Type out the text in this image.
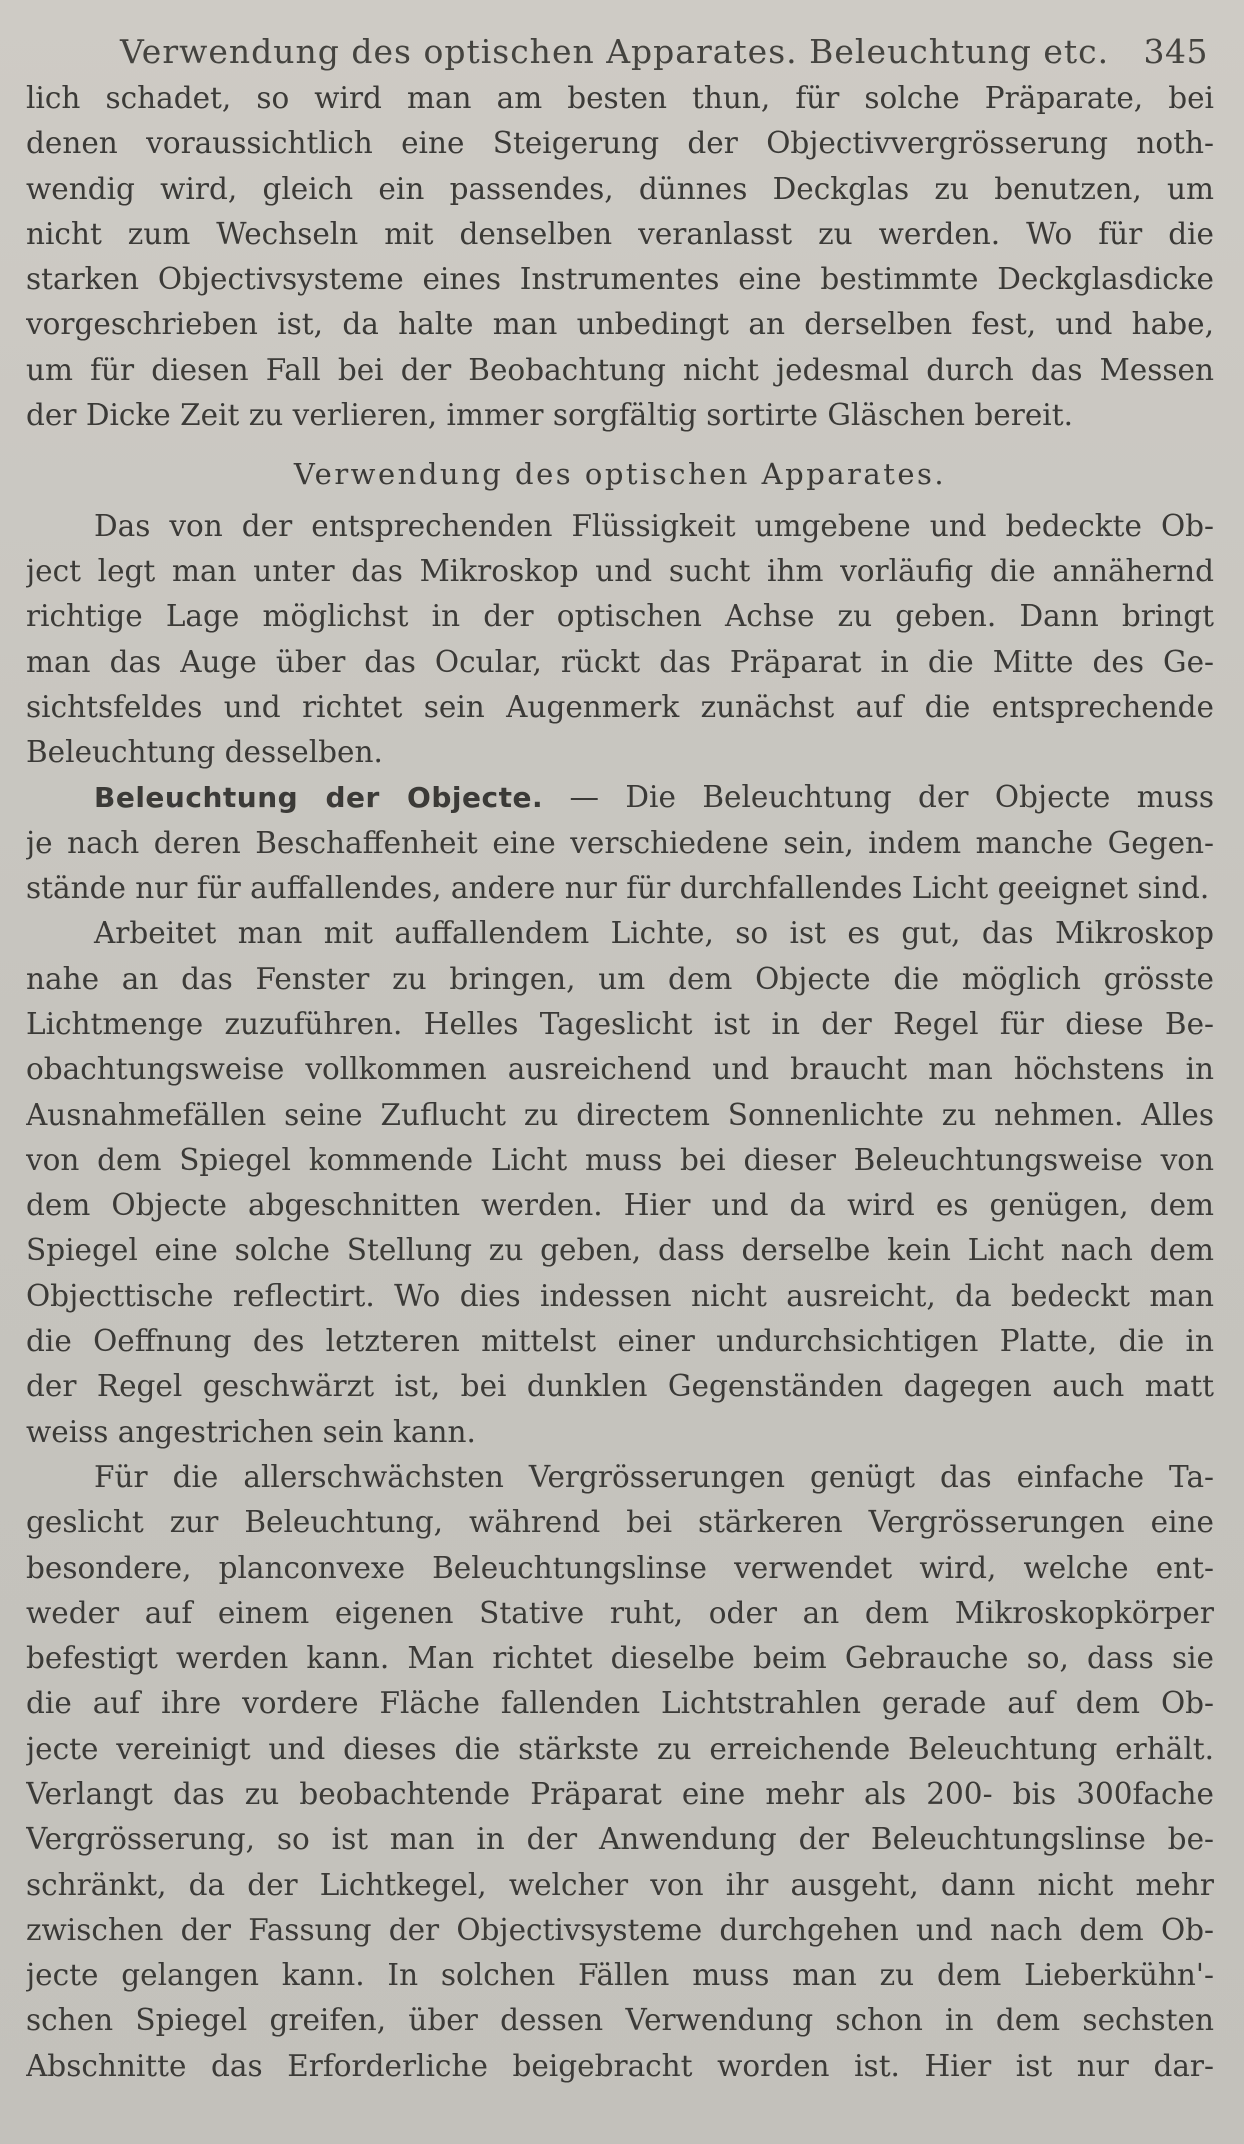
Verwendung des optischen Apparates. Beleuchtung etc. 345
lich schadet, so wird man am besten thun, für solche Präparate, bei
denen voraussichtlich eine Steigerung der Objectivvergrösserung noth-
wendig wird, gleich ein passendes, dünnes Deckglas zu benutzen, um
nicht zum Wechseln mit denselben veranlasst zu werden. Wo für die
starken Objectivsysteme eines Instrumentes eine bestimmte Deckglasdicke
vorgeschrieben ist, da halte man unbedingt an derselben fest, und habe,
um für diesen Fall bei der Beobachtung nicht jedesmal durch das Messen
der Dicke Zeit zu verlieren, immer sorgfältig sortirte Gläschen bereit.
Verwendung des optischen Apparates.
Das von der entsprechenden Flüssigkeit umgebene und bedeckte Ob-
ject legt man unter das Mikroskop und sucht ihm vorläufig die annähernd
richtige Lage möglichst in der optischen Achse zu geben. Dann bringt
man das Auge über das Ocular, rückt das Präparat in die Mitte des Ge-
sichtsfeldes und richtet sein Augenmerk zunächst auf die entsprechende
Beleuchtung desselben.
Beleuchtung der Objecte. — Die Beleuchtung der Objecte muss
je nach deren Beschaffenheit eine verschiedene sein, indem manche Gegen-
stände nur für auffallendes, andere nur für durchfallendes Licht geeignet sind.
Arbeitet man mit auffallendem Lichte, so ist es gut, das Mikroskop
nahe an das Fenster zu bringen, um dem Objecte die möglich grösste
Lichtmenge zuzuführen. Helles Tageslicht ist in der Regel für diese Be-
obachtungsweise vollkommen ausreichend und braucht man höchstens in
Ausnahmefällen seine Zuflucht zu directem Sonnenlichte zu nehmen. Alles
von dem Spiegel kommende Licht muss bei dieser Beleuchtungsweise von
dem Objecte abgeschnitten werden. Hier und da wird es genügen, dem
Spiegel eine solche Stellung zu geben, dass derselbe kein Licht nach dem
Objecttische reflectirt. Wo dies indessen nicht ausreicht, da bedeckt man
die Oeffnung des letzteren mittelst einer undurchsichtigen Platte, die in
der Regel geschwärzt ist, bei dunklen Gegenständen dagegen auch matt
weiss angestrichen sein kann.
Für die allerschwächsten Vergrösserungen genügt das einfache Ta-
geslicht zur Beleuchtung, während bei stärkeren Vergrösserungen eine
besondere, planconvexe Beleuchtungslinse verwendet wird, welche ent-
weder auf einem eigenen Stative ruht, oder an dem Mikroskopkörper
befestigt werden kann. Man richtet dieselbe beim Gebrauche so, dass sie
die auf ihre vordere Fläche fallenden Lichtstrahlen gerade auf dem Ob-
jecte vereinigt und dieses die stärkste zu erreichende Beleuchtung erhält.
Verlangt das zu beobachtende Präparat eine mehr als 200- bis 300fache
Vergrösserung, so ist man in der Anwendung der Beleuchtungslinse be-
schränkt, da der Lichtkegel, welcher von ihr ausgeht, dann nicht mehr
zwischen der Fassung der Objectivsysteme durchgehen und nach dem Ob-
jecte gelangen kann. In solchen Fällen muss man zu dem Lieberkühn'-
schen Spiegel greifen, über dessen Verwendung schon in dem sechsten
Abschnitte das Erforderliche beigebracht worden ist. Hier ist nur dar-
